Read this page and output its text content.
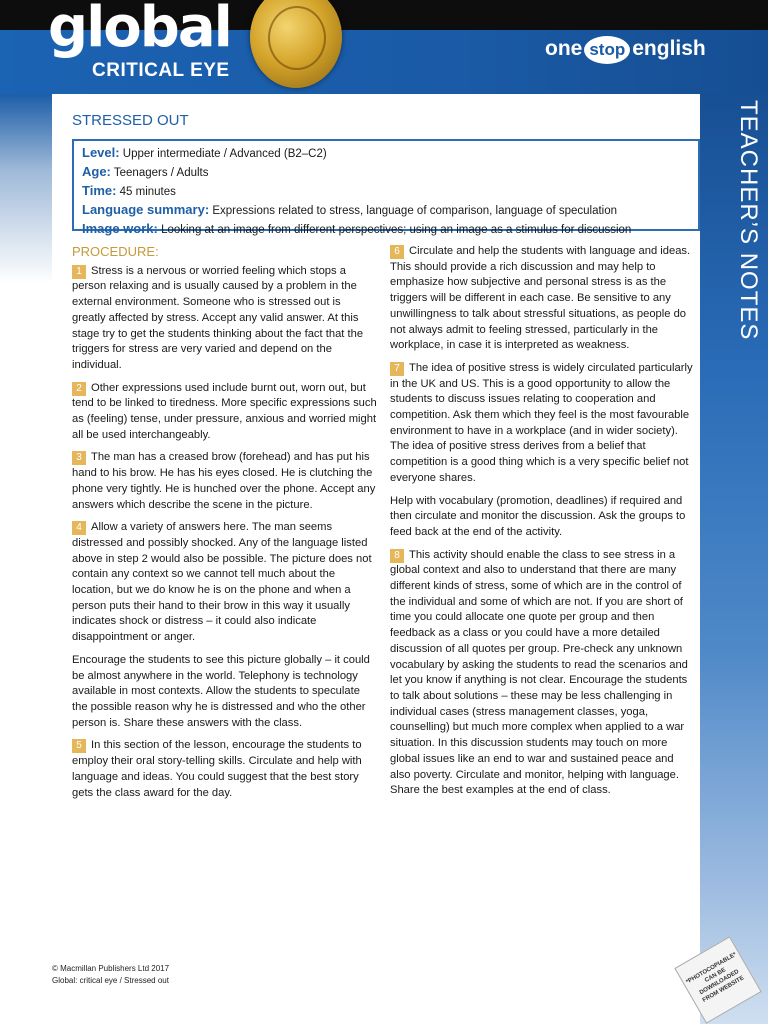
global
CRITICAL EYE
one stop english
TEACHER’S NOTES
STRESSED OUT
Level: Upper intermediate / Advanced (B2–C2)
Age: Teenagers / Adults
Time: 45 minutes
Language summary: Expressions related to stress, language of comparison, language of speculation
Image work: Looking at an image from different perspectives; using an image as a stimulus for discussion
PROCEDURE:

1 Stress is a nervous or worried feeling which stops a person relaxing and is usually caused by a problem in the external environment. Someone who is stressed out is greatly affected by stress. Accept any valid answer. At this stage try to get the students thinking about the fact that the triggers for stress are very varied and depend on the individual.

2 Other expressions used include burnt out, worn out, but tend to be linked to tiredness. More specific expressions such as (feeling) tense, under pressure, anxious and worried might all be used interchangeably.

3 The man has a creased brow (forehead) and has put his hand to his brow. He has his eyes closed. He is clutching the phone very tightly. He is hunched over the phone. Accept any answers which describe the scene in the picture.

4 Allow a variety of answers here. The man seems distressed and possibly shocked. Any of the language listed above in step 2 would also be possible. The picture does not contain any context so we cannot tell much about the location, but we do know he is on the phone and when a person puts their hand to their brow in this way it usually indicates shock or distress – it could also indicate disappointment or anger.

Encourage the students to see this picture globally – it could be almost anywhere in the world. Telephony is technology available in most contexts. Allow the students to speculate the possible reason why he is distressed and who the other person is. Share these answers with the class.

5 In this section of the lesson, encourage the students to employ their oral story-telling skills. Circulate and help with language and ideas. You could suggest that the best story gets the class award for the day.

6 Circulate and help the students with language and ideas. This should provide a rich discussion and may help to emphasize how subjective and personal stress is as the triggers will be different in each case. Be sensitive to any unwillingness to talk about stressful situations, as people do not always admit to feeling stressed, particularly in the workplace, in case it is interpreted as weakness.

7 The idea of positive stress is widely circulated particularly in the UK and US. This is a good opportunity to allow the students to discuss issues relating to cooperation and competition. Ask them which they feel is the most favourable environment to have in a workplace (and in wider society). The idea of positive stress derives from a belief that competition is a good thing which is a very specific belief not everyone shares.

Help with vocabulary (promotion, deadlines) if required and then circulate and monitor the discussion. Ask the groups to feed back at the end of the activity.

8 This activity should enable the class to see stress in a global context and also to understand that there are many different kinds of stress, some of which are in the control of the individual and some of which are not. If you are short of time you could allocate one quote per group and then feedback as a class or you could have a more detailed discussion of all quotes per group. Pre-check any unknown vocabulary by asking the students to read the scenarios and let you know if anything is not clear. Encourage the students to talk about solutions – these may be less challenging in individual cases (stress management classes, yoga, counselling) but much more complex when applied to a war situation. In this discussion students may touch on more global issues like an end to war and sustained peace and also poverty. Circulate and monitor, helping with language. Share the best examples at the end of class.

© Macmillan Publishers Ltd 2017
Global: critical eye / Stressed out	*PHOTOCOPIABLE* CAN BE DOWNLOADED FROM WEBSITE
